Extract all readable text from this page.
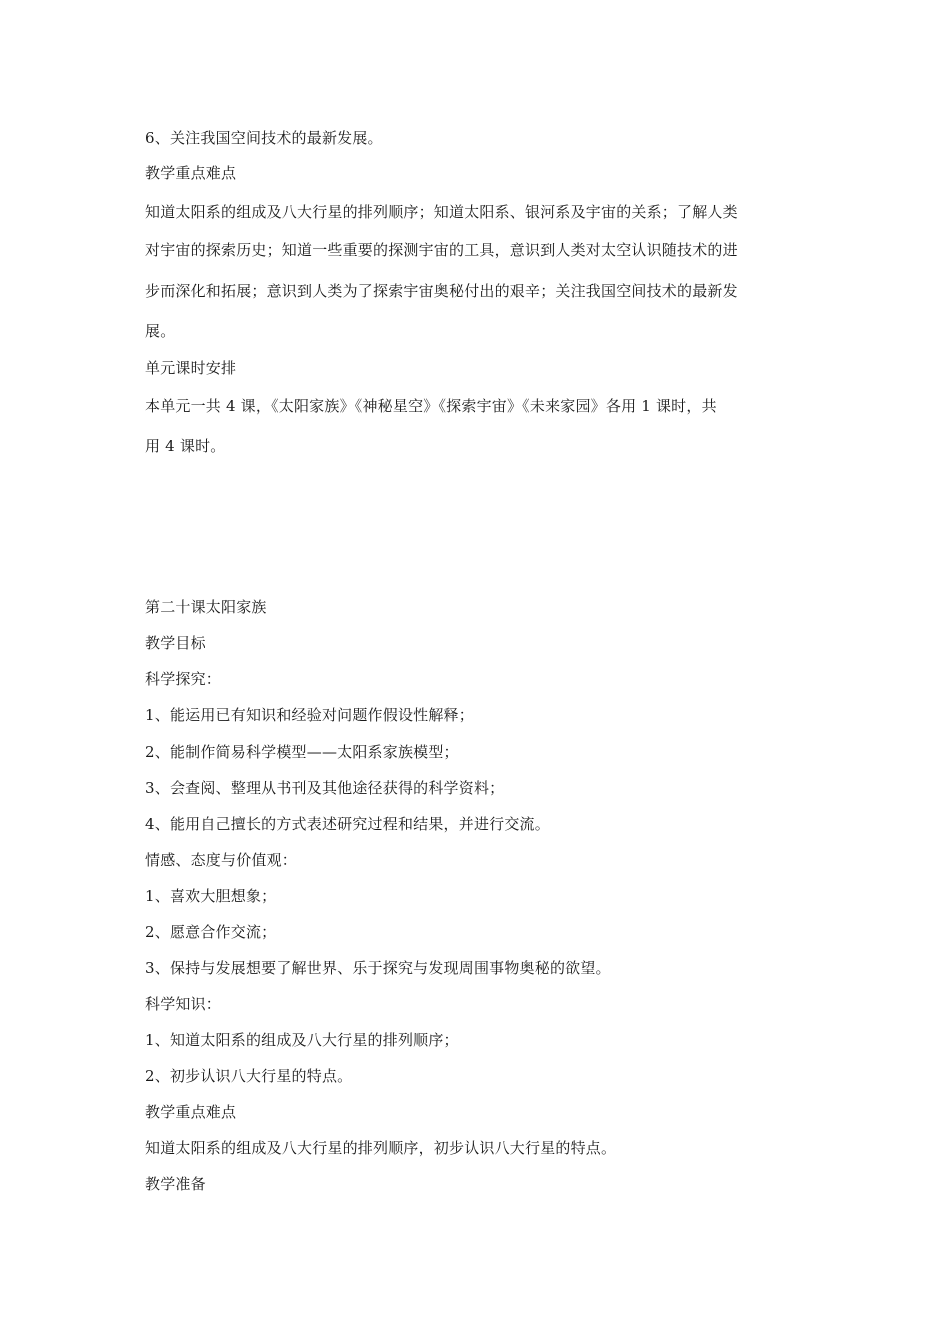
6、关注我国空间技术的最新发展。
教学重点难点
知道太阳系的组成及八大行星的排列顺序；知道太阳系、银河系及宇宙的关系；了解人类
对宇宙的探索历史；知道一些重要的探测宇宙的工具，意识到人类对太空认识随技术的进
步而深化和拓展；意识到人类为了探索宇宙奥秘付出的艰辛；关注我国空间技术的最新发
展。
单元课时安排
本单元一共 4 课，《太阳家族》《神秘星空》《探索宇宙》《未来家园》各用 1 课时，共
用 4 课时。
第二十课太阳家族
教学目标
科学探究：
1、能运用已有知识和经验对问题作假设性解释；
2、能制作简易科学模型——太阳系家族模型；
3、会查阅、整理从书刊及其他途径获得的科学资料；
4、能用自己擅长的方式表述研究过程和结果，并进行交流。
情感、态度与价值观：
1、喜欢大胆想象；
2、愿意合作交流；
3、保持与发展想要了解世界、乐于探究与发现周围事物奥秘的欲望。
科学知识：
1、知道太阳系的组成及八大行星的排列顺序；
2、初步认识八大行星的特点。
教学重点难点
知道太阳系的组成及八大行星的排列顺序，初步认识八大行星的特点。
教学准备
